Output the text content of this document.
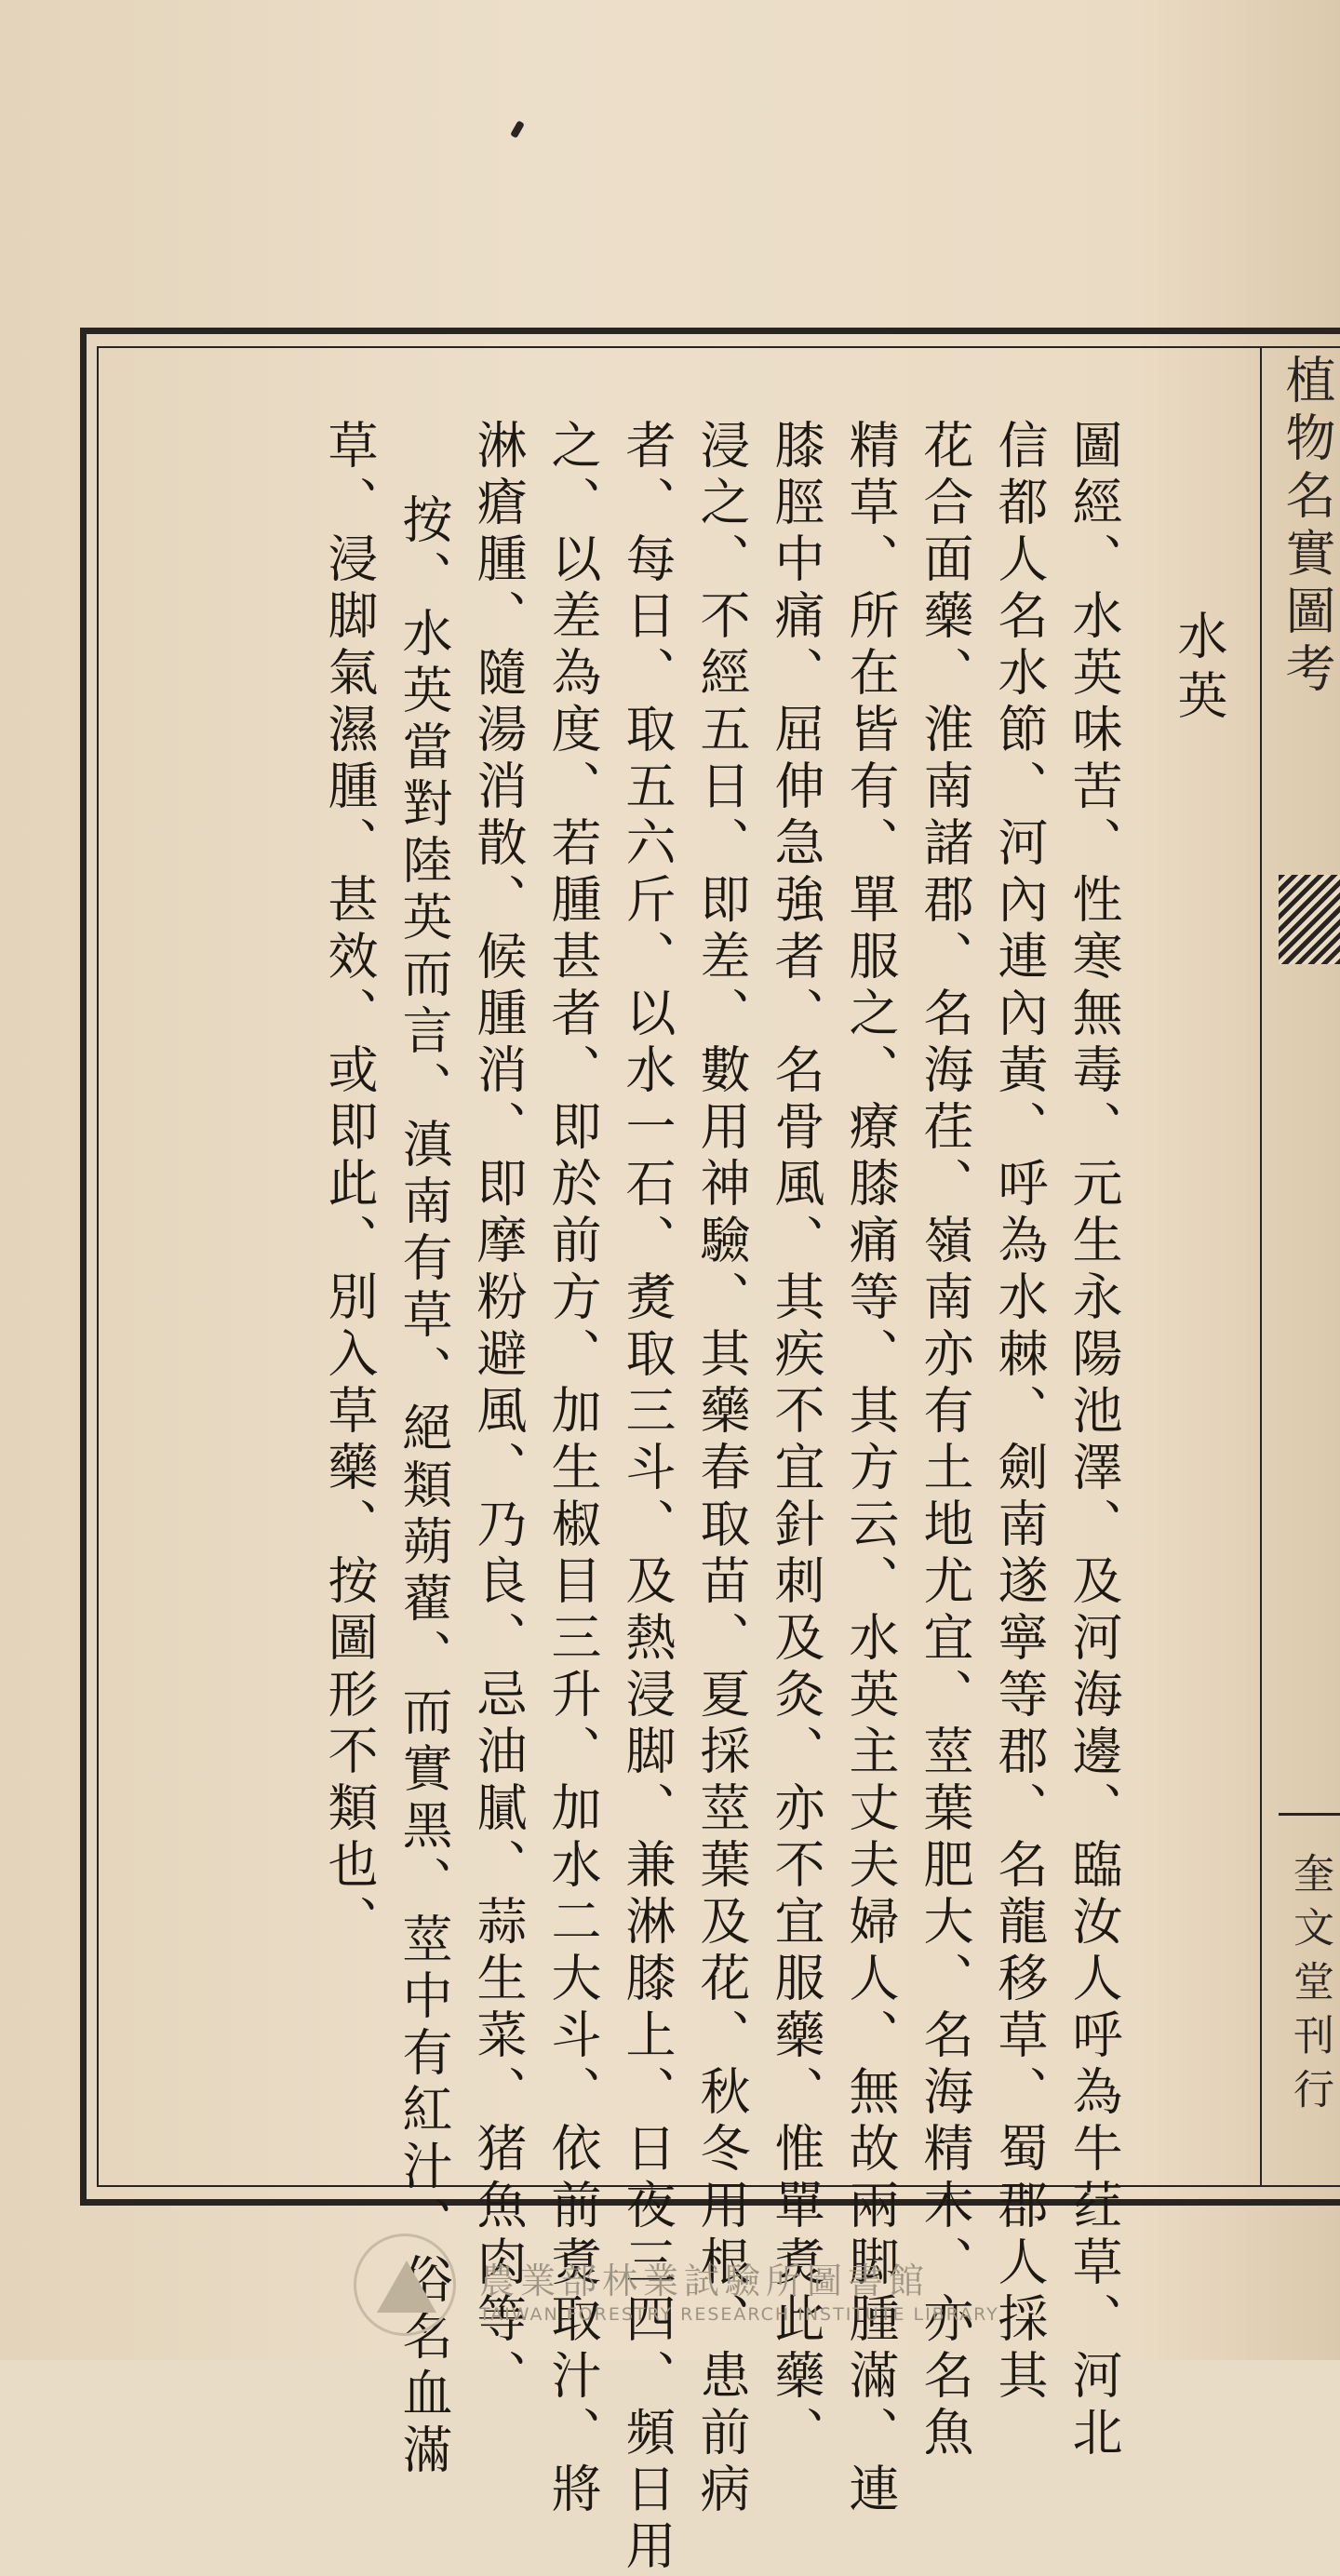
植物名實圖考
奎文堂刊行
水英
圖經、水英味苦、性寒無毒、元生永陽池澤、及河海邊、臨汝人呼為牛荭草、河北
信都人名水節、河內連內黃、呼為水棘、劍南遂寧等郡、名龍移草、蜀郡人採其
花合面藥、淮南諸郡、名海荏、嶺南亦有土地尤宜、莖葉肥大、名海精木、亦名魚
精草、所在皆有、單服之、療膝痛等、其方云、水英主丈夫婦人、無故兩脚腫滿、連
膝脛中痛、屈伸急強者、名骨風、其疾不宜針刺及灸、亦不宜服藥、惟單煑此藥、
浸之、不經五日、即差、數用神驗、其藥春取苗、夏採莖葉及花、秋冬用根、患前病
者、每日、取五六斤、以水一石、煑取三斗、及熱浸脚、兼淋膝上、日夜三四、頻日用
之、以差為度、若腫甚者、即於前方、加生椒目三升、加水二大斗、依前煑取汁、將
淋瘡腫、隨湯消散、候腫消、即摩粉避風、乃良、忌油膩、蒜生菜、猪魚肉等、
按、水英當對陸英而言、滇南有草、絕類蒴藋、而實黑、莖中有紅汁、俗名血滿
草、浸脚氣濕腫、甚效、或即此、別入草藥、按圖形不類也、
農業部林業試驗所圖書館
TAIWAN FORESTRY RESEARCH INSTITUTE LIBRARY
